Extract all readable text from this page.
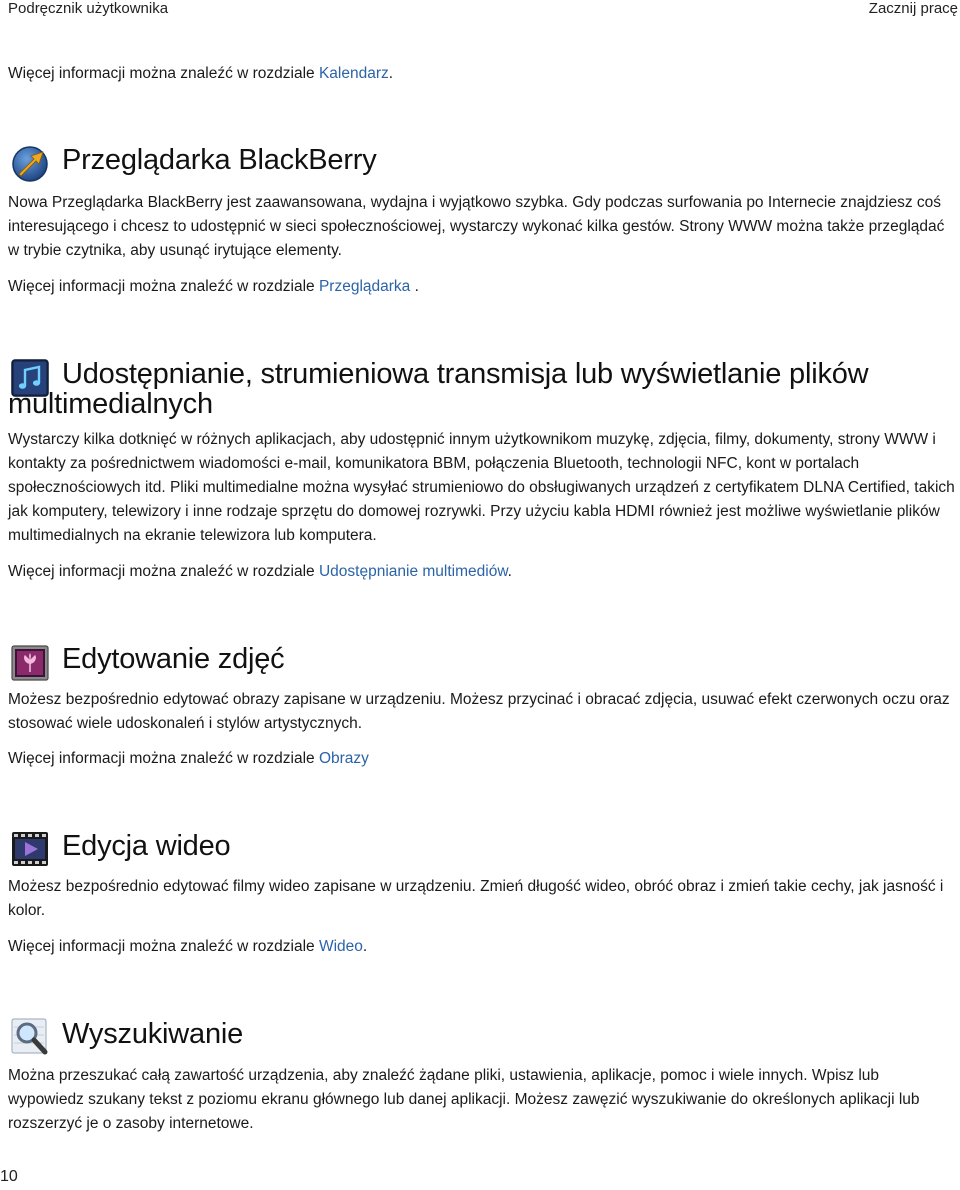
Podręcznik użytkownika	Zacznij pracę

Więcej informacji można znaleźć w rozdziale Kalendarz.

Przeglądarka BlackBerry

Nowa Przeglądarka BlackBerry jest zaawansowana, wydajna i wyjątkowo szybka. Gdy podczas surfowania po Internecie znajdziesz coś interesującego i chcesz to udostępnić w sieci społecznościowej, wystarczy wykonać kilka gestów. Strony WWW można także przeglądać w trybie czytnika, aby usunąć irytujące elementy.

Więcej informacji można znaleźć w rozdziale Przeglądarka .

Udostępnianie, strumieniowa transmisja lub wyświetlanie plików multimedialnych

Wystarczy kilka dotknięć w różnych aplikacjach, aby udostępnić innym użytkownikom muzykę, zdjęcia, filmy, dokumenty, strony WWW i kontakty za pośrednictwem wiadomości e-mail, komunikatora BBM, połączenia Bluetooth, technologii NFC, kont w portalach społecznościowych itd. Pliki multimedialne można wysyłać strumieniowo do obsługiwanych urządzeń z certyfikatem DLNA Certified, takich jak komputery, telewizory i inne rodzaje sprzętu do domowej rozrywki. Przy użyciu kabla HDMI również jest możliwe wyświetlanie plików multimedialnych na ekranie telewizora lub komputera.

Więcej informacji można znaleźć w rozdziale Udostępnianie multimediów.

Edytowanie zdjęć

Możesz bezpośrednio edytować obrazy zapisane w urządzeniu. Możesz przycinać i obracać zdjęcia, usuwać efekt czerwonych oczu oraz stosować wiele udoskonaleń i stylów artystycznych.

Więcej informacji można znaleźć w rozdziale Obrazy

Edycja wideo

Możesz bezpośrednio edytować filmy wideo zapisane w urządzeniu. Zmień długość wideo, obróć obraz i zmień takie cechy, jak jasność i kolor.

Więcej informacji można znaleźć w rozdziale Wideo.

Wyszukiwanie

Można przeszukać całą zawartość urządzenia, aby znaleźć żądane pliki, ustawienia, aplikacje, pomoc i wiele innych. Wpisz lub wypowiedz szukany tekst z poziomu ekranu głównego lub danej aplikacji. Możesz zawęzić wyszukiwanie do określonych aplikacji lub rozszerzyć je o zasoby internetowe.

10
